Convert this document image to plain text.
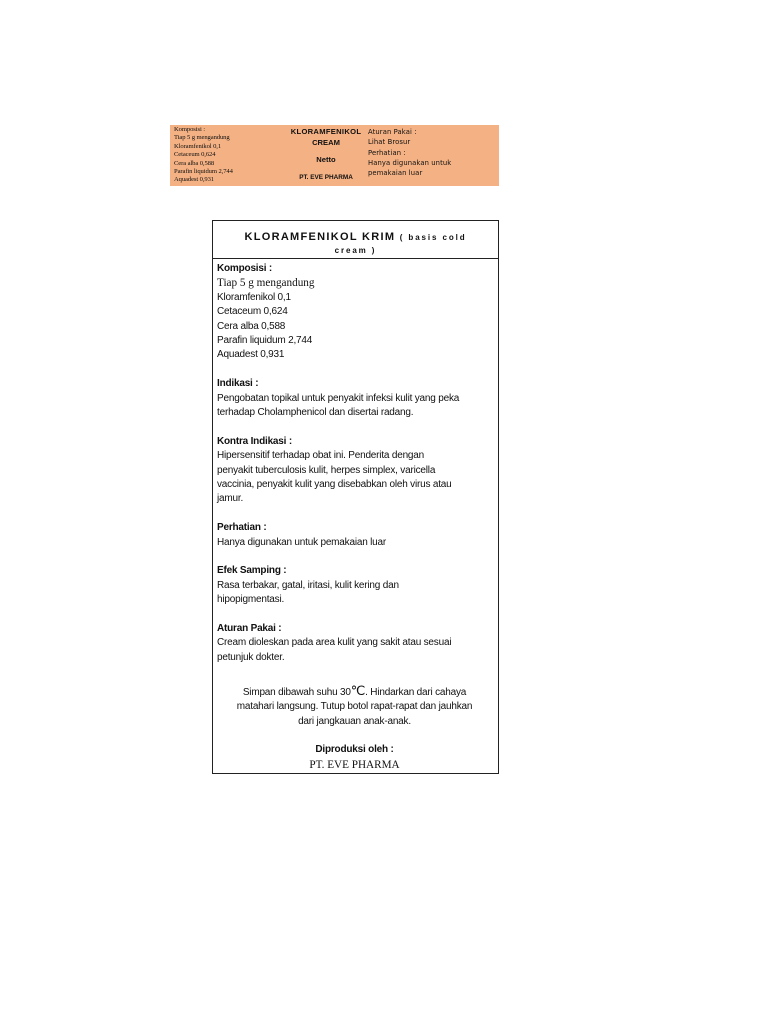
Komposisi :
Tiap 5 g mengandung
Kloramfenikol 0,1
Cetaceum 0,624
Cera alba 0,588
Parafin liquidum 2,744
Aquadest 0,931
KLORAMFENIKOL
CREAM
Netto
PT. EVE PHARMA
Aturan Pakai :
Lihat Brosur
Perhatian :
Hanya digunakan untuk
pemakaian luar
KLORAMFENIKOL KRIM ( basis cold
cream )
Komposisi :
Tiap 5 g mengandung
Kloramfenikol 0,1
Cetaceum 0,624
Cera alba 0,588
Parafin liquidum 2,744
Aquadest 0,931
Indikasi :
Pengobatan topikal untuk penyakit infeksi kulit yang peka
terhadap Cholamphenicol dan disertai radang.
Kontra Indikasi :
Hipersensitif terhadap obat ini. Penderita dengan
penyakit tuberculosis kulit, herpes simplex, varicella
vaccinia, penyakit kulit yang disebabkan oleh virus atau
jamur.
Perhatian :
Hanya digunakan untuk pemakaian luar
Efek Samping :
Rasa terbakar, gatal, iritasi, kulit kering dan
hipopigmentasi.
Aturan Pakai :
Cream dioleskan pada area kulit yang sakit atau sesuai
petunjuk dokter.
Simpan dibawah suhu 30℃. Hindarkan dari cahaya
matahari langsung. Tutup botol rapat-rapat dan jauhkan
dari jangkauan anak-anak.
Diproduksi oleh :
PT. EVE PHARMA
